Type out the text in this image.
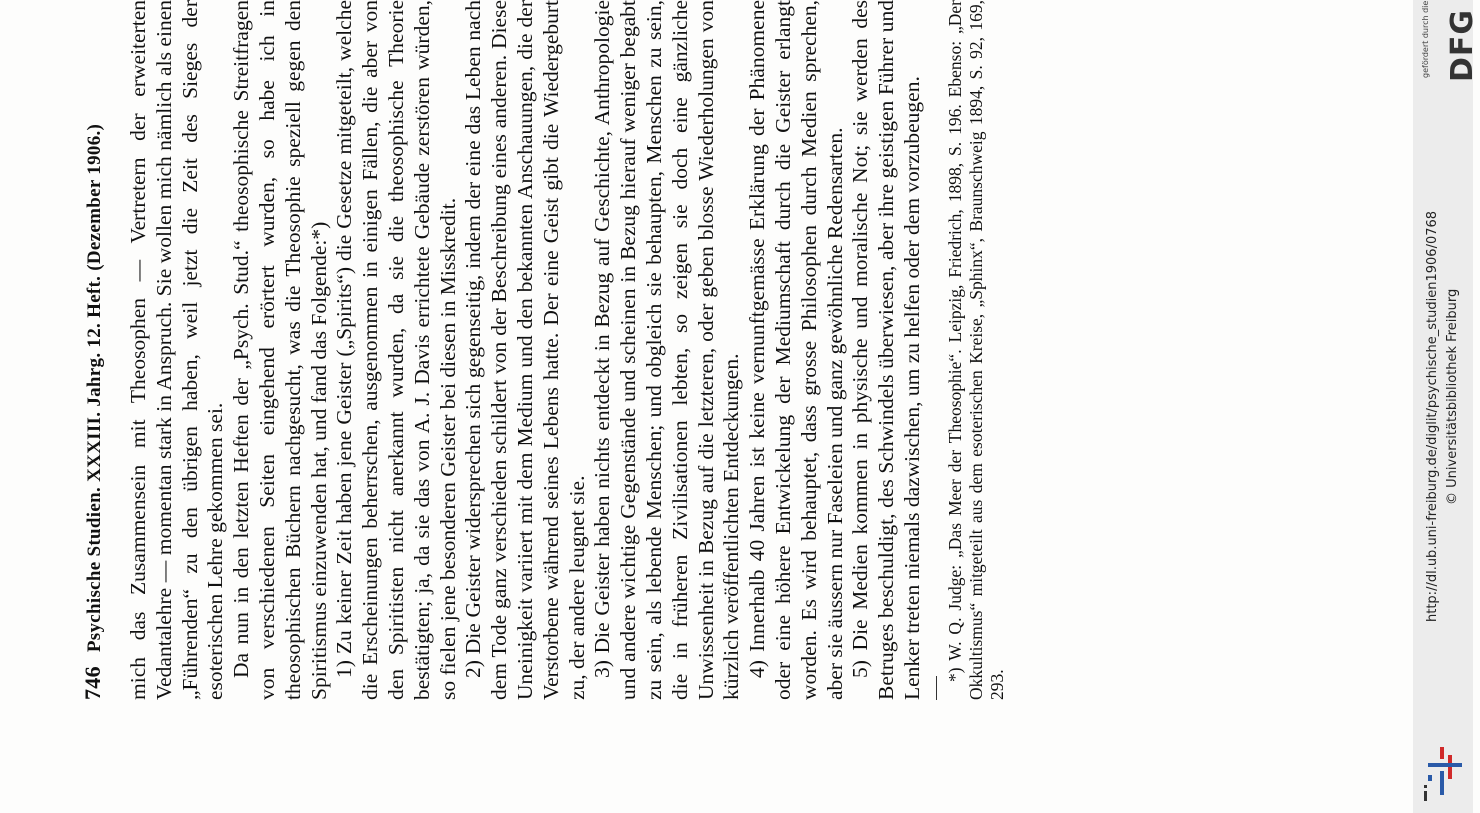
746
Psychische Studien. XXXIII. Jahrg. 12. Heft. (Dezember 1906.) mich das Zusammensein mit Theosophen — Vertretern der erweiterten Vedantalehre — momentan stark in Anspruch. Sie wollen mich nämlich als einen „Führenden“ zu den übrigen haben, weil jetzt die Zeit des Sieges der esoterischen Lehre gekommen sei. Da nun in den letzten Heften der „Psych. Stud.“ theosophische Streitfragen von verschiedenen Seiten eingehend erörtert wurden, so habe ich in theosophischen Büchern nachgesucht, was die Theosophie speziell gegen den Spiritismus einzuwenden hat, und fand das Folgende:*) 1) Zu keiner Zeit haben jene Geister („Spirits“) die Gesetze mitgeteilt, welche die Erscheinungen beherrschen, ausgenommen in einigen Fällen, die aber von den Spiritisten nicht anerkannt wurden, da sie die theosophische Theorie bestätigten; ja, da sie das von A. J. Davis errichtete Gebäude zerstören würden, so fielen jene besonderen Geister bei diesen in Misskredit. 2) Die Geister widersprechen sich gegenseitig, indem der eine das Leben nach dem Tode ganz verschieden schildert von der Beschreibung eines anderen. Diese Uneinigkeit variiert mit dem Medium und den bekannten Anschauungen, die der Verstorbene während seines Lebens hatte. Der eine Geist gibt die Wiedergeburt zu, der andere leugnet sie. 3) Die Geister haben nichts entdeckt in Bezug auf Geschichte, Anthropologie und andere wichtige Gegenstände und scheinen in Bezug hierauf weniger begabt zu sein, als lebende Menschen; und obgleich sie behaupten, Menschen zu sein, die in früheren Zivilisationen lebten, so zeigen sie doch eine gänzliche Unwissenheit in Bezug auf die letzteren, oder geben blosse Wiederholungen von kürzlich veröffentlichten Entdeckungen. 4) Innerhalb 40 Jahren ist keine vernunftgemässe Erklärung der Phänomene oder eine höhere Entwickelung der Mediumschaft durch die Geister erlangt worden. Es wird behauptet, dass grosse Philosophen durch Medien sprechen, aber sie äussern nur Faseleien und ganz gewöhnliche Redensarten. 5) Die Medien kommen in physische und moralische Not; sie werden des Betruges beschuldigt, des Schwindels überwiesen, aber ihre geistigen Führer und Lenker treten niemals dazwischen, um zu helfen oder dem vorzubeugen. *) W. Q. Judge: „Das Meer der Theosophie“. Leipzig, Friedrich, 1898, S. 196. Ebenso: „Der Okkultismus“ mitgeteilt aus dem esoterischen Kreise, „Sphinx“, Braunschweig 1894, S. 92, 169, 293.

http://dl.ub.uni-freiburg.de/diglit/psychische_studien1906/0768 © Universitätsbibliothek Freiburg
gefördert durch die DFG
